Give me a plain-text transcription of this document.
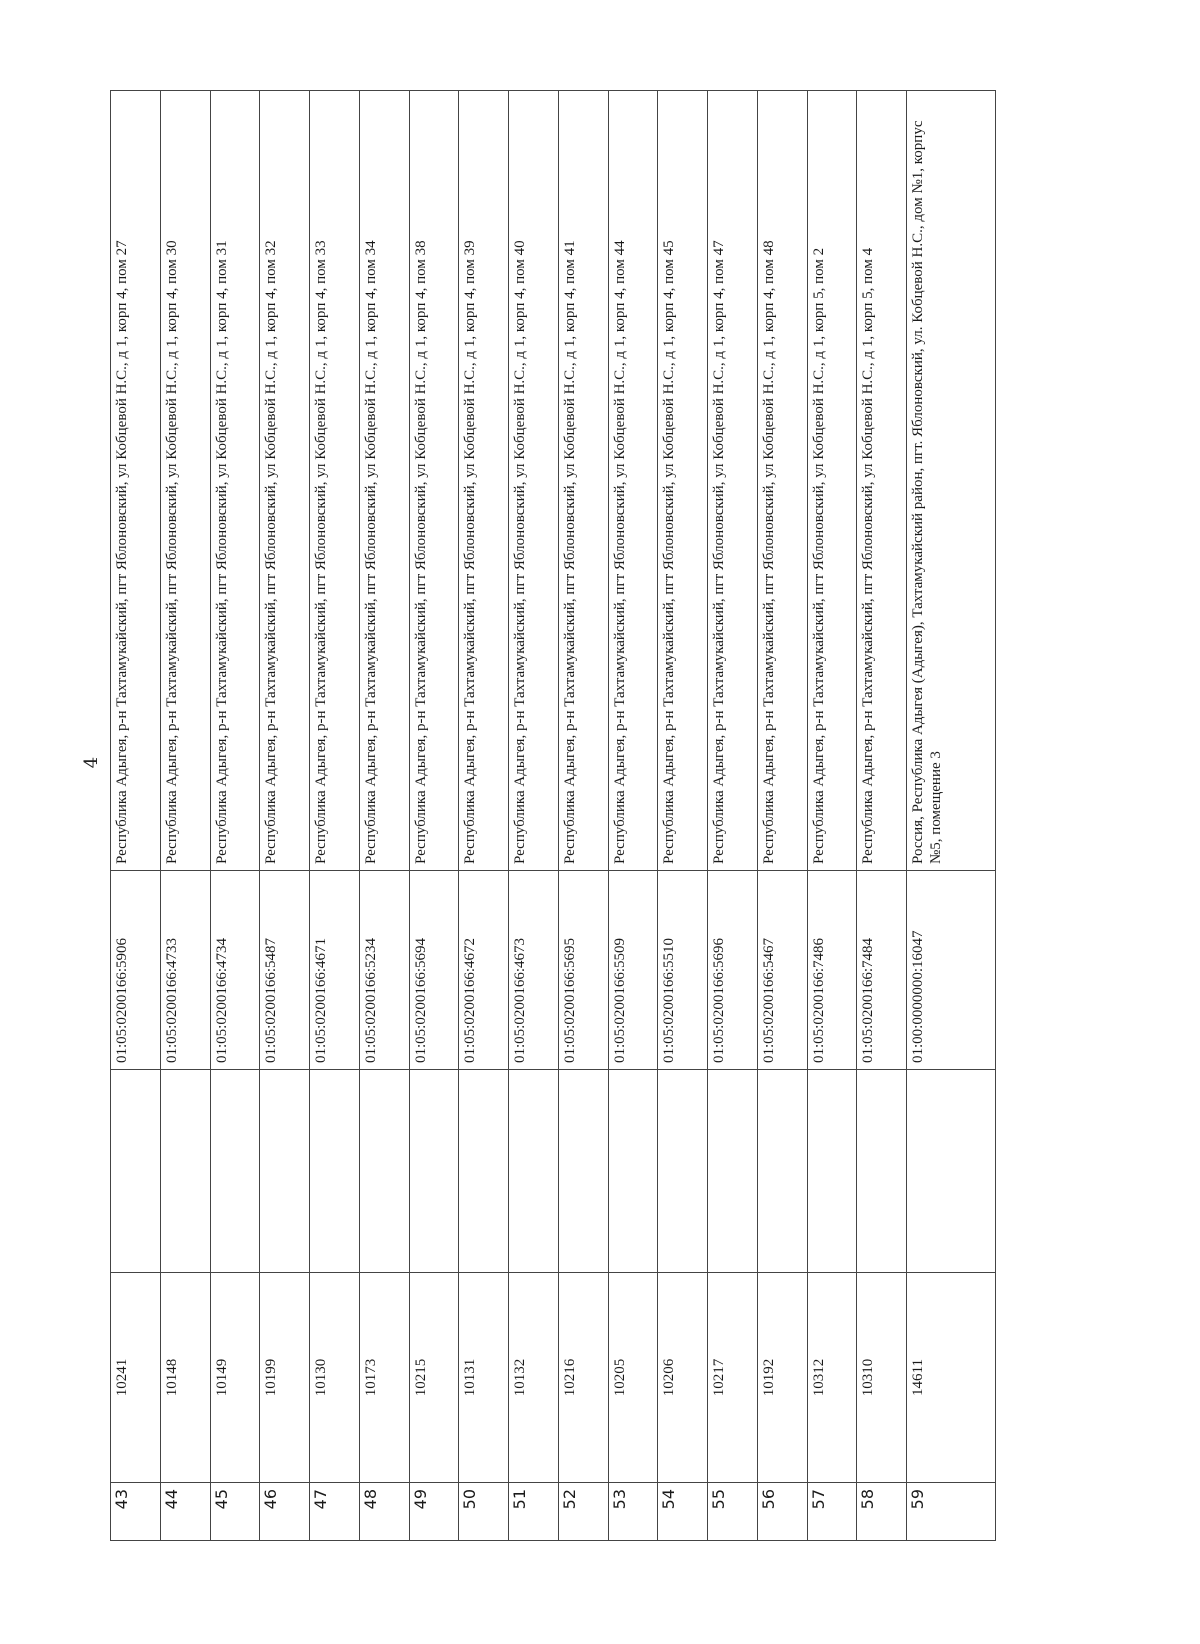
4
43	10241		01:05:0200166:5906	Республика Адыгея, р-н Тахтамукайский, пгт Яблоновский, ул Кобцевой Н.С., д 1, корп 4, пом 27
44	10148		01:05:0200166:4733	Республика Адыгея, р-н Тахтамукайский, пгт Яблоновский, ул Кобцевой Н.С., д 1, корп 4, пом 30
45	10149		01:05:0200166:4734	Республика Адыгея, р-н Тахтамукайский, пгт Яблоновский, ул Кобцевой Н.С., д 1, корп 4, пом 31
46	10199		01:05:0200166:5487	Республика Адыгея, р-н Тахтамукайский, пгт Яблоновский, ул Кобцевой Н.С., д 1, корп 4, пом 32
47	10130		01:05:0200166:4671	Республика Адыгея, р-н Тахтамукайский, пгт Яблоновский, ул Кобцевой Н.С., д 1, корп 4, пом 33
48	10173		01:05:0200166:5234	Республика Адыгея, р-н Тахтамукайский, пгт Яблоновский, ул Кобцевой Н.С., д 1, корп 4, пом 34
49	10215		01:05:0200166:5694	Республика Адыгея, р-н Тахтамукайский, пгт Яблоновский, ул Кобцевой Н.С., д 1, корп 4, пом 38
50	10131		01:05:0200166:4672	Республика Адыгея, р-н Тахтамукайский, пгт Яблоновский, ул Кобцевой Н.С., д 1, корп 4, пом 39
51	10132		01:05:0200166:4673	Республика Адыгея, р-н Тахтамукайский, пгт Яблоновский, ул Кобцевой Н.С., д 1, корп 4, пом 40
52	10216		01:05:0200166:5695	Республика Адыгея, р-н Тахтамукайский, пгт Яблоновский, ул Кобцевой Н.С., д 1, корп 4, пом 41
53	10205		01:05:0200166:5509	Республика Адыгея, р-н Тахтамукайский, пгт Яблоновский, ул Кобцевой Н.С., д 1, корп 4, пом 44
54	10206		01:05:0200166:5510	Республика Адыгея, р-н Тахтамукайский, пгт Яблоновский, ул Кобцевой Н.С., д 1, корп 4, пом 45
55	10217		01:05:0200166:5696	Республика Адыгея, р-н Тахтамукайский, пгт Яблоновский, ул Кобцевой Н.С., д 1, корп 4, пом 47
56	10192		01:05:0200166:5467	Республика Адыгея, р-н Тахтамукайский, пгт Яблоновский, ул Кобцевой Н.С., д 1, корп 4, пом 48
57	10312		01:05:0200166:7486	Республика Адыгея, р-н Тахтамукайский, пгт Яблоновский, ул Кобцевой Н.С., д 1, корп 5, пом 2
58	10310		01:05:0200166:7484	Республика Адыгея, р-н Тахтамукайский, пгт Яблоновский, ул Кобцевой Н.С., д 1, корп 5, пом 4
59	14611		01:00:0000000:16047	Россия, Республика Адыгея (Адыгея), Тахтамукайский район, пгт. Яблоновский, ул. Кобцевой Н.С., дом №1, корпус №5, помещение 3
